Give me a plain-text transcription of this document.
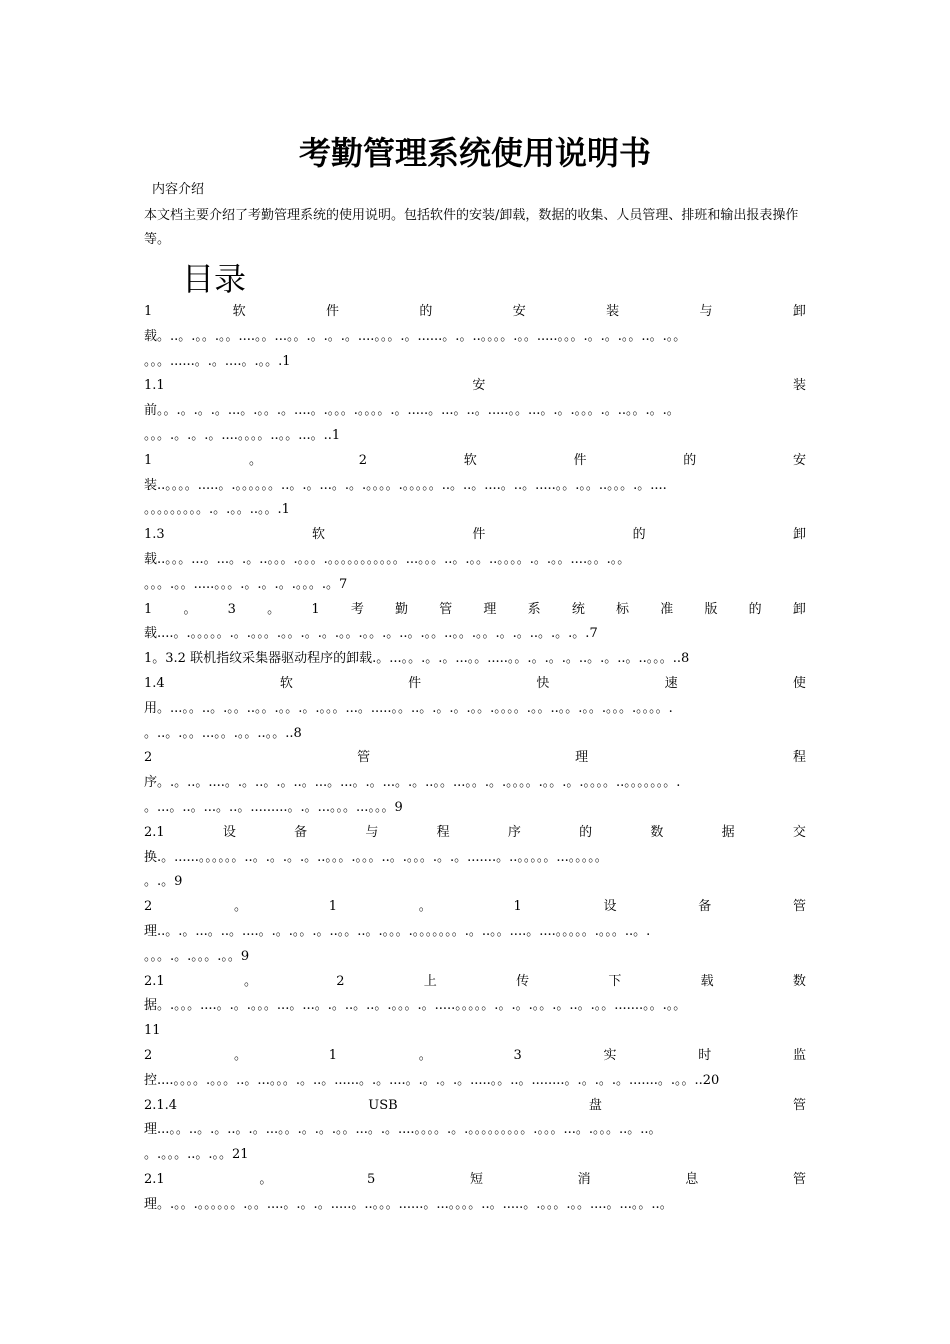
考勤管理系统使用说明书
内容介绍
本文档主要介绍了考勤管理系统的使用说明。包括软件的安装/卸载，数据的收集、人员管理、排班和输出报表操作等。
目录
1	软	件	的	安	装	与	卸
载。..。.。。.。。....。。...。。.。.。.。....。。。.。......。.。..。。。。.。。.....。。。.。.。.。。..。.。。
。。。......。.。....。.。。.1
1.1	安	装
前。。.。.。.。...。.。。.。....。.。。。.。。。。.。.....。...。..。.....。。...。.。.。。。.。..。。.。.。
。。。.。.。.。....。。。。..。。...。..1
1	。	2	软	件	的	安
装..。。。。.....。.。。。。。。..。.。...。.。.。。。。.。。。。。..。..。....。..。.....。。.。。..。。。.。....
。。。。。。。。。.。.。。..。。.1
1.3	软	件	的	卸
载..。。。...。...。.。..。。。.。。。.。。。。。。。。。。。...。。。..。.。。..。。。。.。.。。....。。.。。
。。。.。。.....。。。.。.。.。.。。。.。7
1 。 3 。 1 考 勤 管 理 系 统 标 准 版 的 卸
载....。.。。。。。.。.。。。.。。.。.。.。。.。。.。..。.。。..。。.。。.。.。..。.。.。.7
1。3.2 联机指纹采集器驱动程序的卸载.。...。。.。.。...。。.....。。.。.。.。..。.。..。..。。。..8
1.4	软	件	快	速	使
用。...。。..。.。。..。。.。。.。.。。。...。.....。。..。.。.。.。。.。。。。.。。..。。.。。.。。。.。。。。.
。..。.。。...。。.。。..。。..8
2	管	理	程
序。.。..。....。.。..。.。..。...。...。.。...。.。..。。...。。.。.。。。。.。。.。.。。。。..。。。。。。。.
。...。..。...。..。.........。.。...。。。...。。。9
2.1	设	备	与	程	序	的	数	据	交
换.。......。。。。。。..。.。.。.。..。。。.。。。..。.。。。.。.。.......。..。。。。。...。。。。。
。.。9
2	。	1	。	1	设	备	管
理..。.。...。..。....。.。.。。.。..。。..。.。。。.。。。。。。。.。..。。....。....。。。。。.。。。..。.
。。。.。.。。。.。。9
2.1	。	2	上	传	下	载	数
据。.。。。....。.。.。。。...。...。.。..。..。.。。。.。.....。。。。。.。.。.。。.。..。.。。.......。。.。。
11
2	。	1	。	3	实	时	监
控....。。。。.。。。..。...。。。.。..。......。.。....。.。.。.。.....。。..。........。.。.。.。.......。.。。..20
2.1.4	USB	盘	管
理...。。..。.。..。.。...。。.。.。.。。...。.。....。。。。.。.。。。。。。。。。.。。。...。.。。。..。..。
。.。。。..。.。。21
2.1	。	5	短	消	息	管
理。.。。.。。。。。。.。。....。.。.。.....。..。。。......。...。。。。..。.....。.。。。.。。....。...。。..。
